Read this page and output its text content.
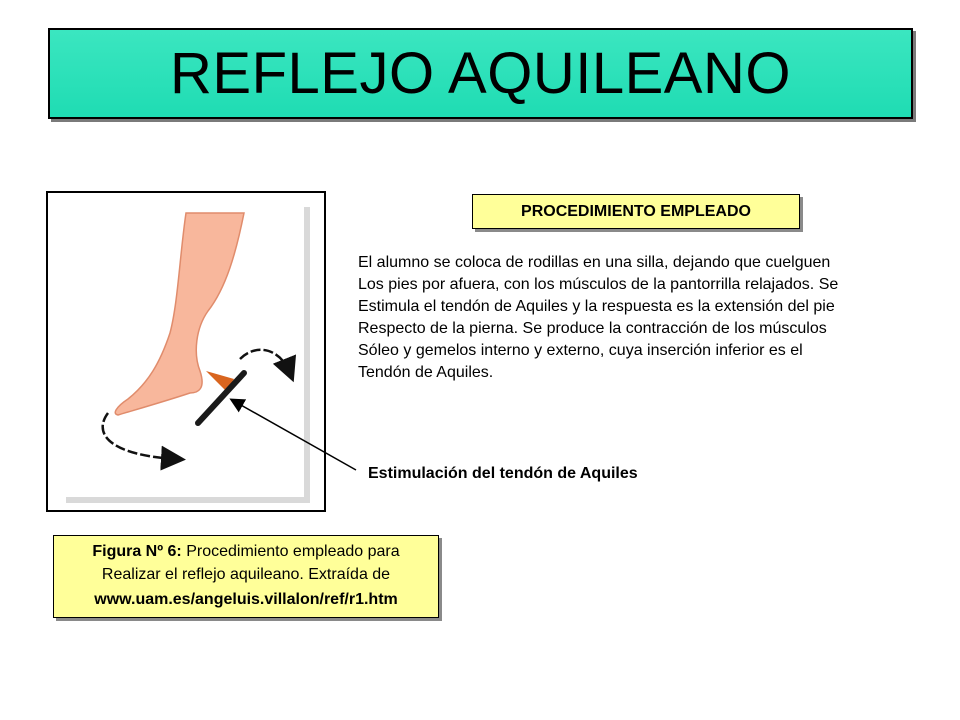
REFLEJO AQUILEANO
PROCEDIMIENTO EMPLEADO
El alumno se coloca de rodillas en una silla, dejando que cuelguen
Los pies por afuera, con los músculos de la pantorrilla relajados. Se
Estimula el tendón de Aquiles y la respuesta es la extensión del pie
Respecto de la pierna. Se produce la contracción de los músculos
Sóleo y gemelos interno y externo, cuya inserción inferior es el
Tendón de Aquiles.
Estimulación del tendón de Aquiles
Figura Nº 6: Procedimiento empleado para
Realizar el reflejo aquileano. Extraída de
www.uam.es/angeluis.villalon/ref/r1.htm
